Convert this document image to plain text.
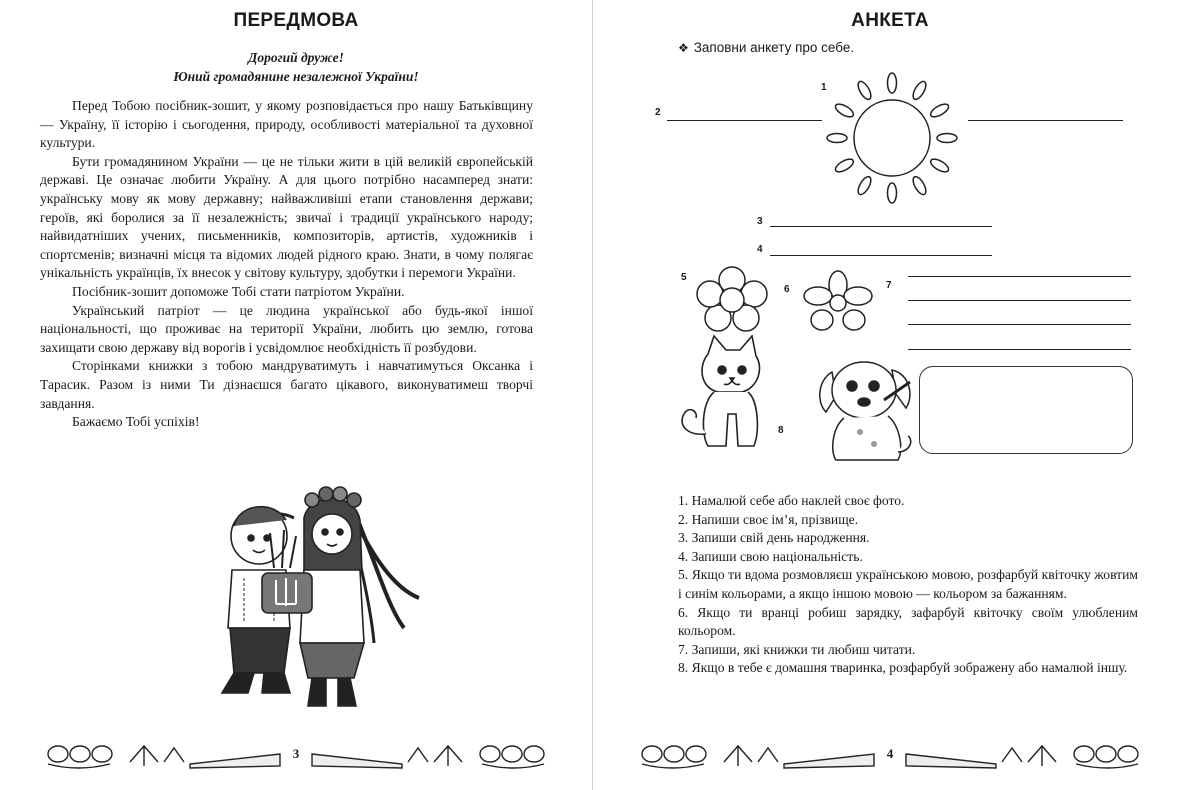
ПЕРЕДМОВА
Дорогий друже!
Юний громадянине незалежної України!

Перед Тобою посібник-зошит, у якому розповідається про нашу Батьківщину — Україну, її історію і сьогодення, природу, особливості матеріальної та духовної культури.

Бути громадянином України — це не тільки жити в цій великій європейській державі. Це означає любити Україну. А для цього потрібно насамперед знати: українську мову як мову державну; найважливіші етапи становлення держави; героїв, які боролися за її незалежність; звичаї і традиції українського народу; найвидатніших учених, письменників, композиторів, артистів, художників і спортсменів; визначні місця та відомих людей рідного краю. Знати, в чому полягає унікальність українців, їх внесок у світову культуру, здобутки і перемоги України.

Посібник-зошит допоможе Тобі стати патріотом України.

Український патріот — це людина української або будь-якої іншої національності, що проживає на території України, любить цю землю, готова захищати свою державу від ворогів і усвідомлює необхідність її розбудови.

Сторінками книжки з тобою мандруватимуть і навчатимуться Оксанка і Тарасик. Разом із ними Ти дізнаєшся багато цікавого, виконуватимеш творчі завдання.

Бажаємо Тобі успіхів!

3
АНКЕТА
❖ Заповни анкету про себе.
1
2
3
4
5
6	7
8

1. Намалюй себе або наклей своє фото.

2. Напиши своє ім’я, прізвище.

3. Запиши свій день народження.

4. Запиши свою національність.

5. Якщо ти вдома розмовляєш українською мовою, розфарбуй квіточку жовтим і синім кольорами, а якщо іншою мовою — кольором за бажанням.

6. Якщо ти вранці робиш зарядку, зафарбуй квіточку своїм улюбленим кольором.

7. Запиши, які книжки ти любиш читати.

8. Якщо в тебе є домашня тваринка, розфарбуй зображену або намалюй іншу.

4
